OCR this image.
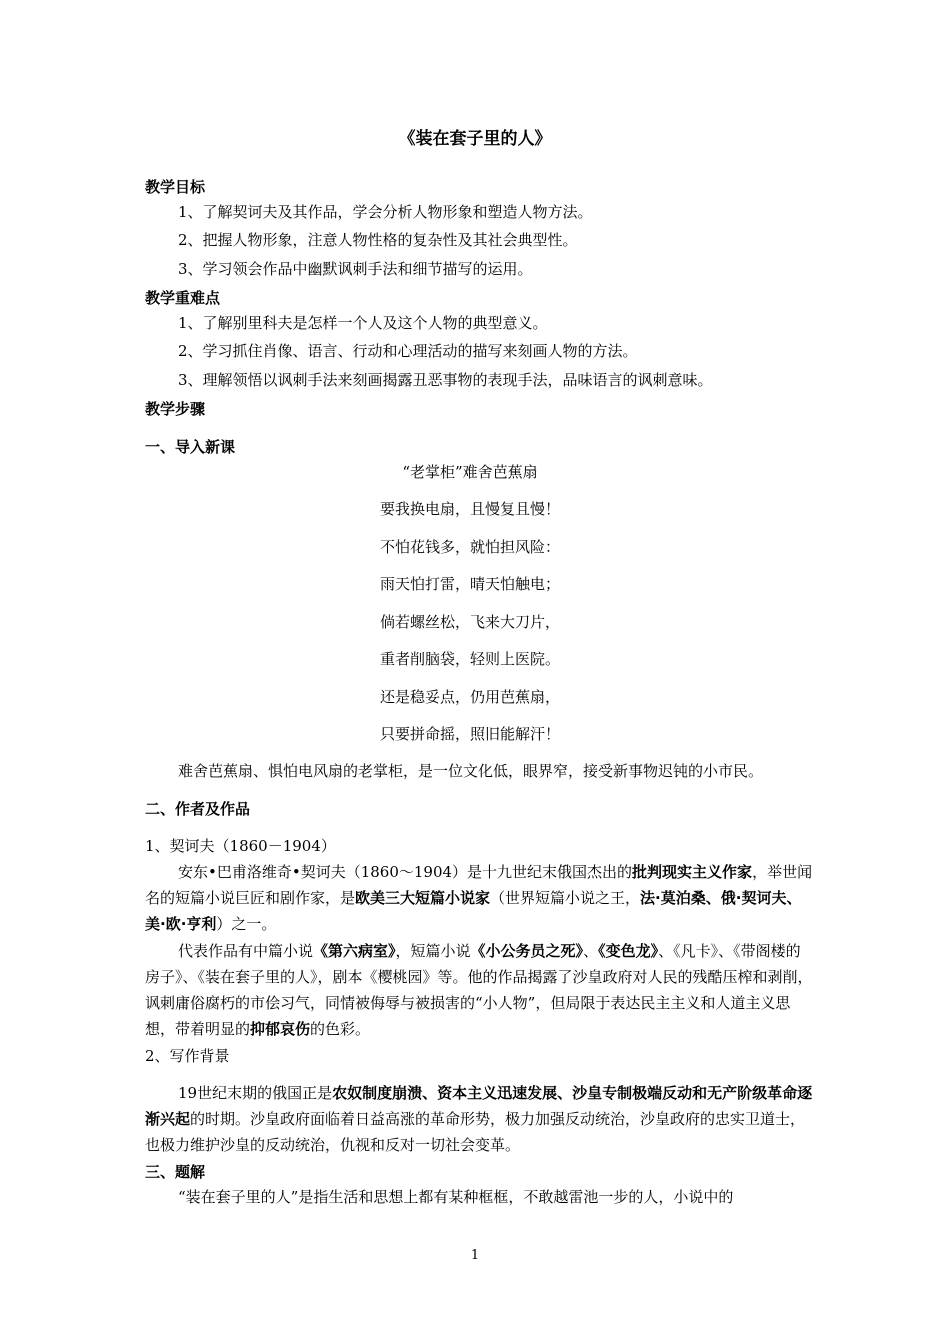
《装在套子里的人》
教学目标
1、了解契诃夫及其作品，学会分析人物形象和塑造人物方法。
2、把握人物形象，注意人物性格的复杂性及其社会典型性。
3、学习领会作品中幽默讽刺手法和细节描写的运用。
教学重难点
1、了解别里科夫是怎样一个人及这个人物的典型意义。
2、学习抓住肖像、语言、行动和心理活动的描写来刻画人物的方法。
3、理解领悟以讽刺手法来刻画揭露丑恶事物的表现手法，品味语言的讽刺意味。
教学步骤
一、导入新课
“老掌柜”难舍芭蕉扇
要我换电扇，且慢复且慢！
不怕花钱多，就怕担风险：
雨天怕打雷，晴天怕触电；
倘若螺丝松，飞来大刀片，
重者削脑袋，轻则上医院。
还是稳妥点，仍用芭蕉扇，
只要拼命摇，照旧能解汗！
难舍芭蕉扇、惧怕电风扇的老掌柜，是一位文化低，眼界窄，接受新事物迟钝的小市民。
二、作者及作品
1、契诃夫（1860－1904）
安东•巴甫洛维奇•契诃夫（1860～1904）是十九世纪末俄国杰出的批判现实主义作家，举世闻名的短篇小说巨匠和剧作家，是欧美三大短篇小说家（世界短篇小说之王，法·莫泊桑、俄·契诃夫、美·欧·亨利）之一。
代表作品有中篇小说《第六病室》，短篇小说《小公务员之死》、《变色龙》、《凡卡》、《带阁楼的房子》、《装在套子里的人》，剧本《樱桃园》等。他的作品揭露了沙皇政府对人民的残酷压榨和剥削，讽刺庸俗腐朽的市侩习气，同情被侮辱与被损害的“小人物”，但局限于表达民主主义和人道主义思想，带着明显的抑郁哀伤的色彩。
2、写作背景
19世纪末期的俄国正是农奴制度崩溃、资本主义迅速发展、沙皇专制极端反动和无产阶级革命逐渐兴起的时期。沙皇政府面临着日益高涨的革命形势，极力加强反动统治，沙皇政府的忠实卫道士，也极力维护沙皇的反动统治，仇视和反对一切社会变革。
三、题解
“装在套子里的人”是指生活和思想上都有某种框框，不敢越雷池一步的人，小说中的
1
